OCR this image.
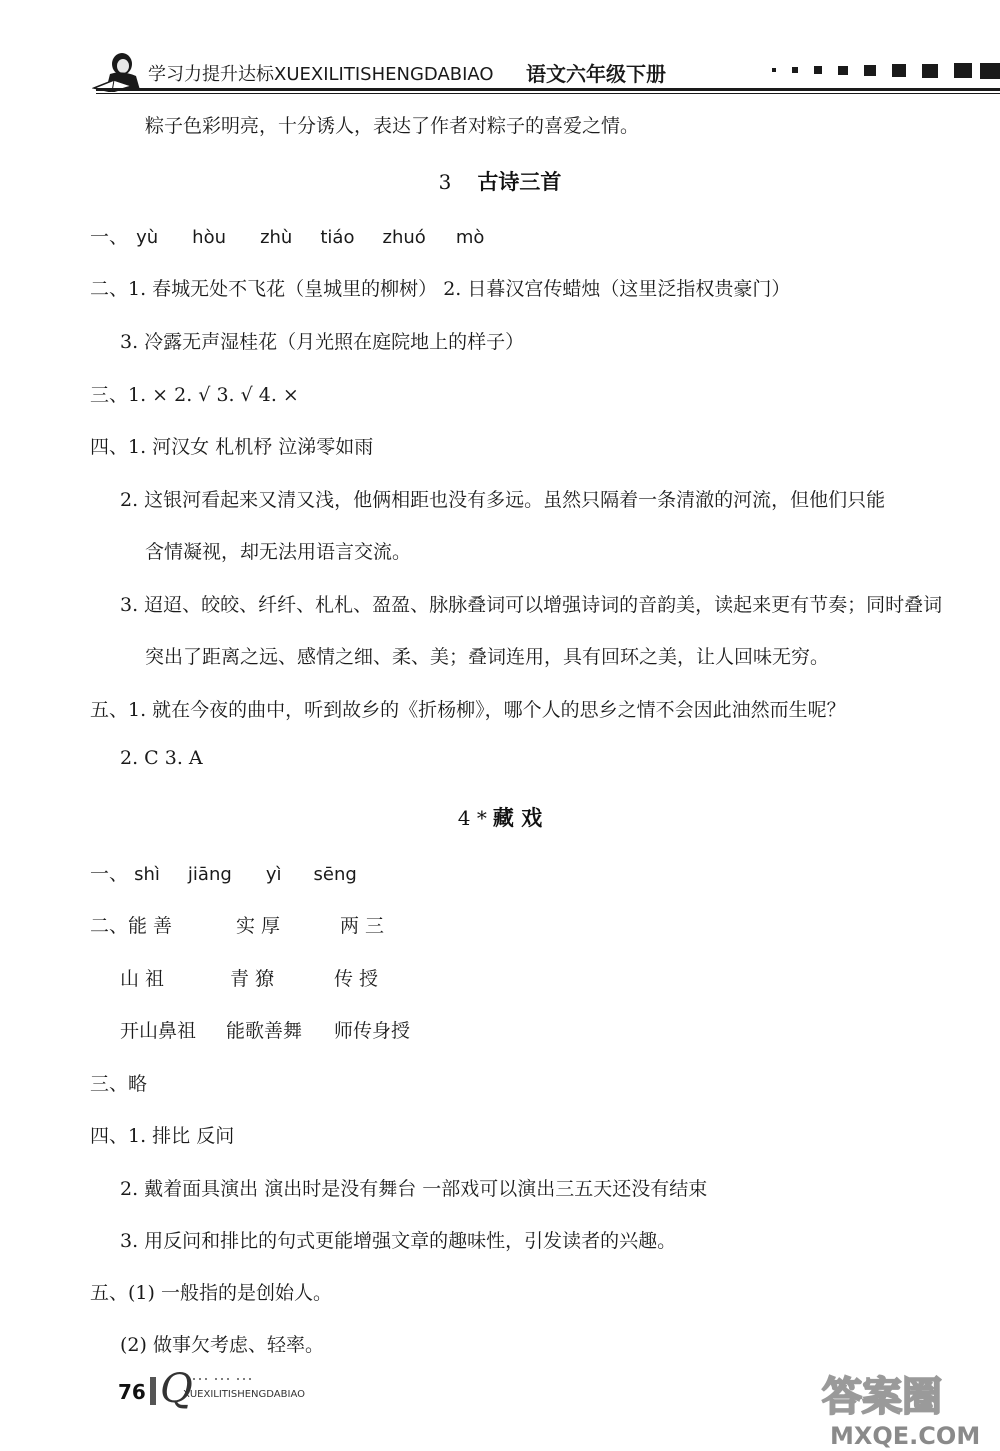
学习力提升达标XUEXILITISHENGDABIAO 语文六年级下册
粽子色彩明亮，十分诱人，表达了作者对粽子的喜爱之情。
3 古诗三首
一、 yù hòu zhù tiáo zhuó mò
二、1. 春城无处不飞花（皇城里的柳树） 2. 日暮汉宫传蜡烛（这里泛指权贵豪门）
3. 冷露无声湿桂花（月光照在庭院地上的样子）
三、1. × 2. √ 3. √ 4. ×
四、1. 河汉女 札机杼 泣涕零如雨
2. 这银河看起来又清又浅，他俩相距也没有多远。虽然只隔着一条清澈的河流，但他们只能
含情凝视，却无法用语言交流。
3. 迢迢、皎皎、纤纤、札札、盈盈、脉脉叠词可以增强诗词的音韵美，读起来更有节奏；同时叠词
突出了距离之远、感情之细、柔、美；叠词连用，具有回环之美，让人回味无穷。
五、1. 就在今夜的曲中，听到故乡的《折杨柳》，哪个人的思乡之情不会因此油然而生呢？
2. C 3. A
4 * 藏 戏
一、 shì jiāng yì sēng
二、能 善	实 厚	两 三
山 祖	青 獠	传 授
开山鼻祖 能歌善舞 师传身授
三、略
四、1. 排比 反问
2. 戴着面具演出 演出时是没有舞台 一部戏可以演出三五天还没有结束
3. 用反问和排比的句式更能增强文章的趣味性，引发读者的兴趣。
五、(1) 一般指的是创始人。
(2) 做事欠考虑、轻率。
76 Q
XUEXILITISHENGDABIAO	答案圈
MXQE.COM
